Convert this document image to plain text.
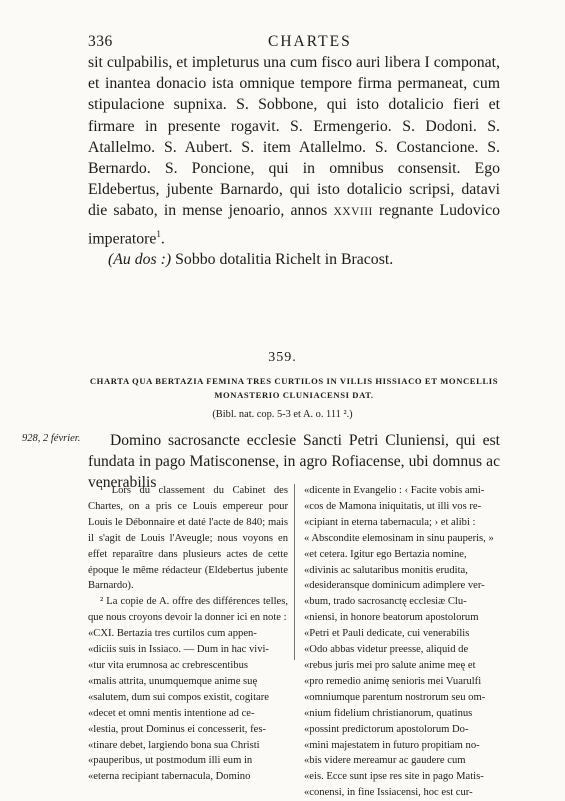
336	CHARTES

sit culpabilis, et impleturus una cum fisco auri libera I componat, et inantea donacio ista omnique tempore firma permaneat, cum stipulacione supnixa. S. Sobbone, qui isto dotalicio fieri et firmare in presente rogavit. S. Ermengerio. S. Dodoni. S. Atallelmo. S. Aubert. S. item Atallelmo. S. Costancione. S. Bernardo. S. Poncione, qui in omnibus consensit. Ego Eldebertus, jubente Barnardo, qui isto dotalicio scripsi, datavi die sabato, in mense jenoario, annos XXVIII regnante Ludovico imperatore$^1$.

(Au dos :) Sobbo dotalitia Richelt in Bracost.

359.
CHARTA QUA BERTAZIA FEMINA TRES CURTILOS IN VILLIS HISSIACO ET MONCELLIS
MONASTERIO CLUNIACENSI DAT.
(Bibl. nat. cop. 5-3 et A. o. 111 ².)
928, 2 février.	Domino sacrosancte ecclesie Sancti Petri Cluniensi, qui est fundata in pago Matisconense, in agro Rofiacense, ubi domnus ac venerabilis

¹ Lors du classement du Cabinet des Chartes, on a pris ce Louis empereur pour Louis le Débonnaire et daté l'acte de 840; mais il s'agit de Louis l'Aveugle; nous voyons en effet reparaître dans plusieurs actes de cette époque le même rédacteur (Eldebertus jubente Barnardo).

² La copie de A. offre des différences telles, que nous croyons devoir la donner ici en note :

«CXI. Bertazia tres curtilos cum appen-
«diciis suis in Issiaco. — Dum in hac vivi-
«tur vita erumnosa ac crebrescentibus
«malis attrita, unumquemque anime suę
«salutem, dum sui compos existit, cogitare
«decet et omni mentis intentione ad ce-
«lestia, prout Dominus ei concesserit, fes-
«tinare debet, largiendo bona sua Christi
«pauperibus, ut postmodum illi eum in
«eterna recipiant tabernacula, Domino
«dicente in Evangelio : ‹ Facite vobis ami-
«cos de Mamona iniquitatis, ut illi vos re-
«cipiant in eterna tabernacula; › et alibi :
« Abscondite elemosinam in sinu pauperis, »
«et cetera. Igitur ego Bertazia nomine,
«divinis ac salutaribus monitis erudita,
«desideransque dominicum adimplere ver-
«bum, trado sacrosanctę ecclesiæ Clu-
«niensi, in honore beatorum apostolorum
«Petri et Pauli dedicate, cui venerabilis
«Odo abbas videtur preesse, aliquid de
«rebus juris mei pro salute anime meę et
«pro remedio animę senioris mei Vuarulfi
«omniumque parentum nostrorum seu om-
«nium fidelium christianorum, quatinus
«possint predictorum apostolorum Do-
«mini majestatem in futuro propitiam no-
«bis videre mereamur ac gaudere cum
«eis. Ecce sunt ipse res site in pago Matis-
«conensi, in fine Issiacensi, hoc est cur-
